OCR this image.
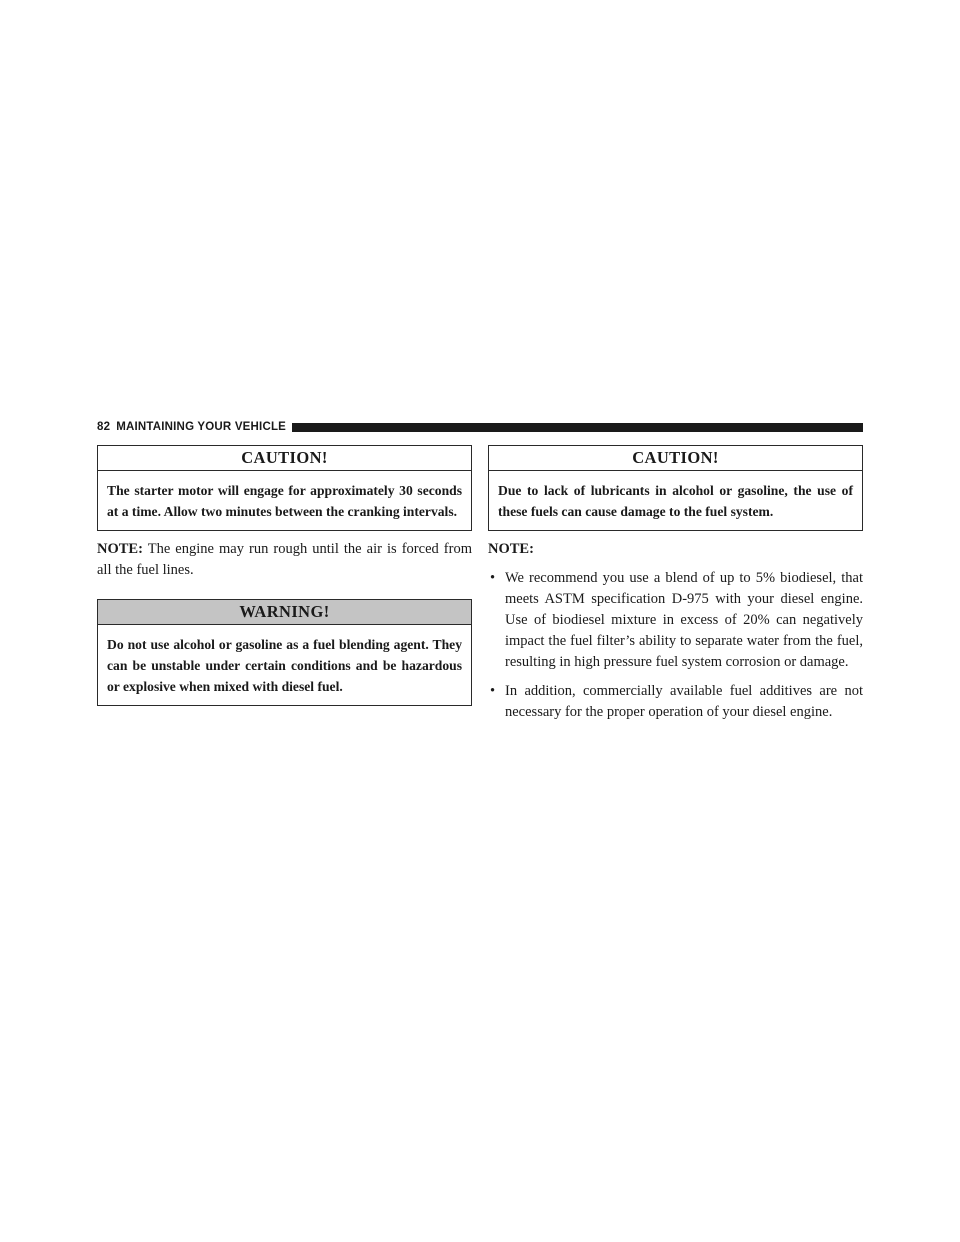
82 MAINTAINING YOUR VEHICLE
CAUTION!
The starter motor will engage for approximately 30 seconds at a time. Allow two minutes between the cranking intervals.

NOTE: The engine may run rough until the air is forced from all the fuel lines.

WARNING!
Do not use alcohol or gasoline as a fuel blending agent. They can be unstable under certain conditions and be hazardous or explosive when mixed with diesel fuel.
CAUTION!
Due to lack of lubricants in alcohol or gasoline, the use of these fuels can cause damage to the fuel system.

NOTE:

• We recommend you use a blend of up to 5% biodiesel, that meets ASTM specification D-975 with your diesel engine. Use of biodiesel mixture in excess of 20% can negatively impact the fuel filter’s ability to separate water from the fuel, resulting in high pressure fuel system corrosion or damage.
• In addition, commercially available fuel additives are not necessary for the proper operation of your diesel engine.
